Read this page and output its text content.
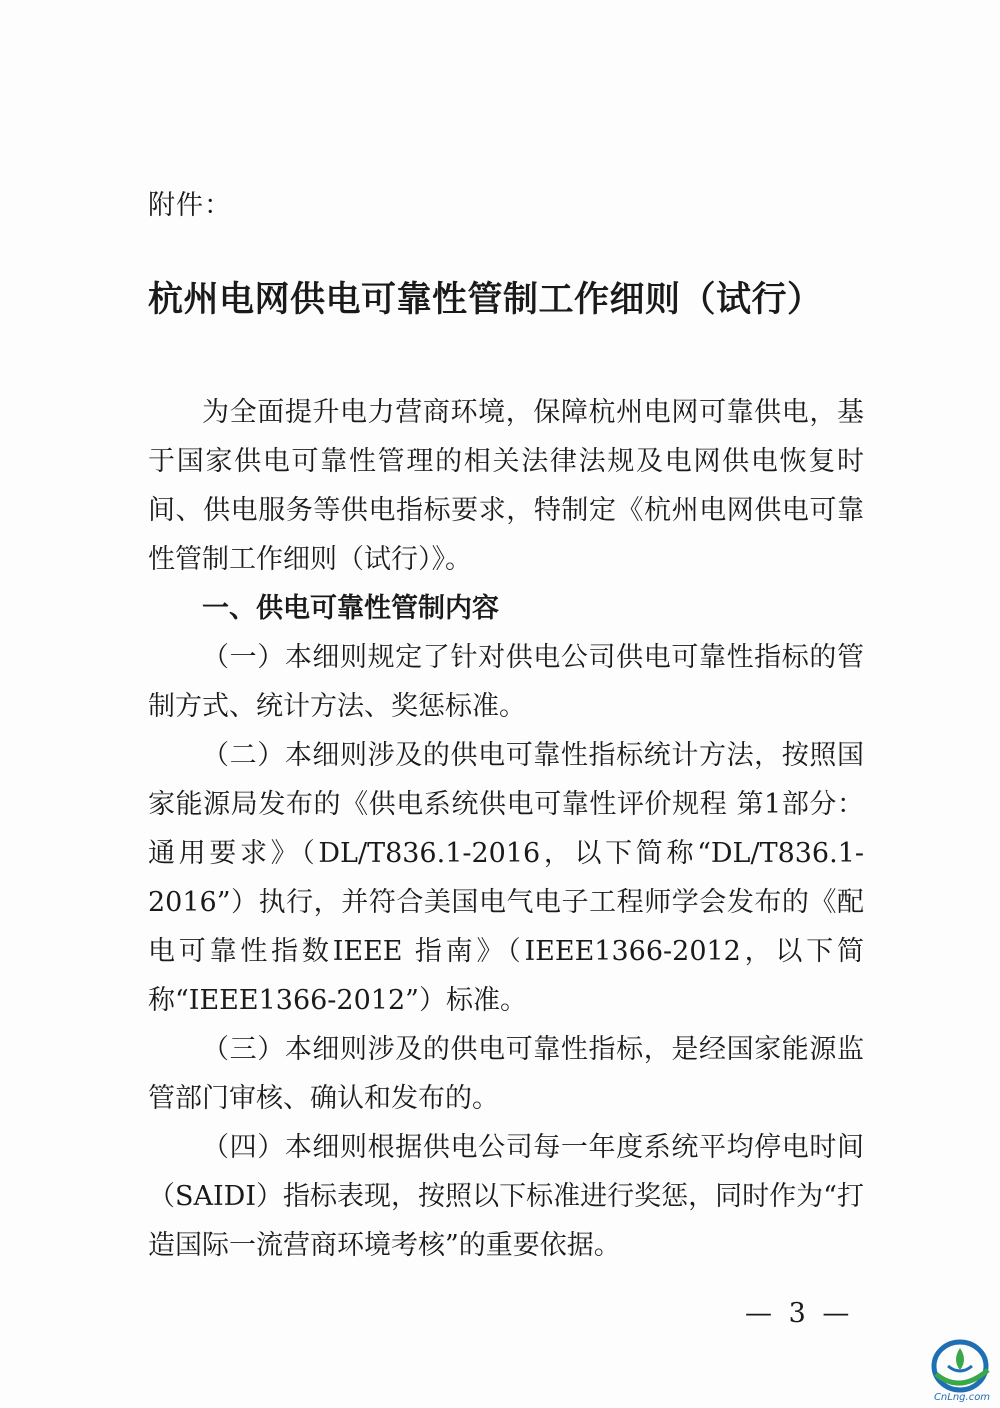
附件：
杭州电网供电可靠性管制工作细则（试行）

为全面提升电力营商环境，保障杭州电网可靠供电，基于国家供电可靠性管理的相关法律法规及电网供电恢复时间、供电服务等供电指标要求，特制定《杭州电网供电可靠性管制工作细则（试行）》。

一、供电可靠性管制内容

（一）本细则规定了针对供电公司供电可靠性指标的管制方式、统计方法、奖惩标准。

（二）本细则涉及的供电可靠性指标统计方法，按照国家能源局发布的《供电系统供电可靠性评价规程 第1部分：通用要求》（DL/T836.1-2016，以下简称“DL/T836.1-2016”）执行，并符合美国电气电子工程师学会发布的《配电可靠性指数IEEE 指南》（IEEE1366-2012，以下简称“IEEE1366-2012”）标准。

（三）本细则涉及的供电可靠性指标，是经国家能源监管部门审核、确认和发布的。

（四）本细则根据供电公司每一年度系统平均停电时间（SAIDI）指标表现，按照以下标准进行奖惩，同时作为“打造国际一流营商环境考核”的重要依据。

— 3 —
CnLng.com
